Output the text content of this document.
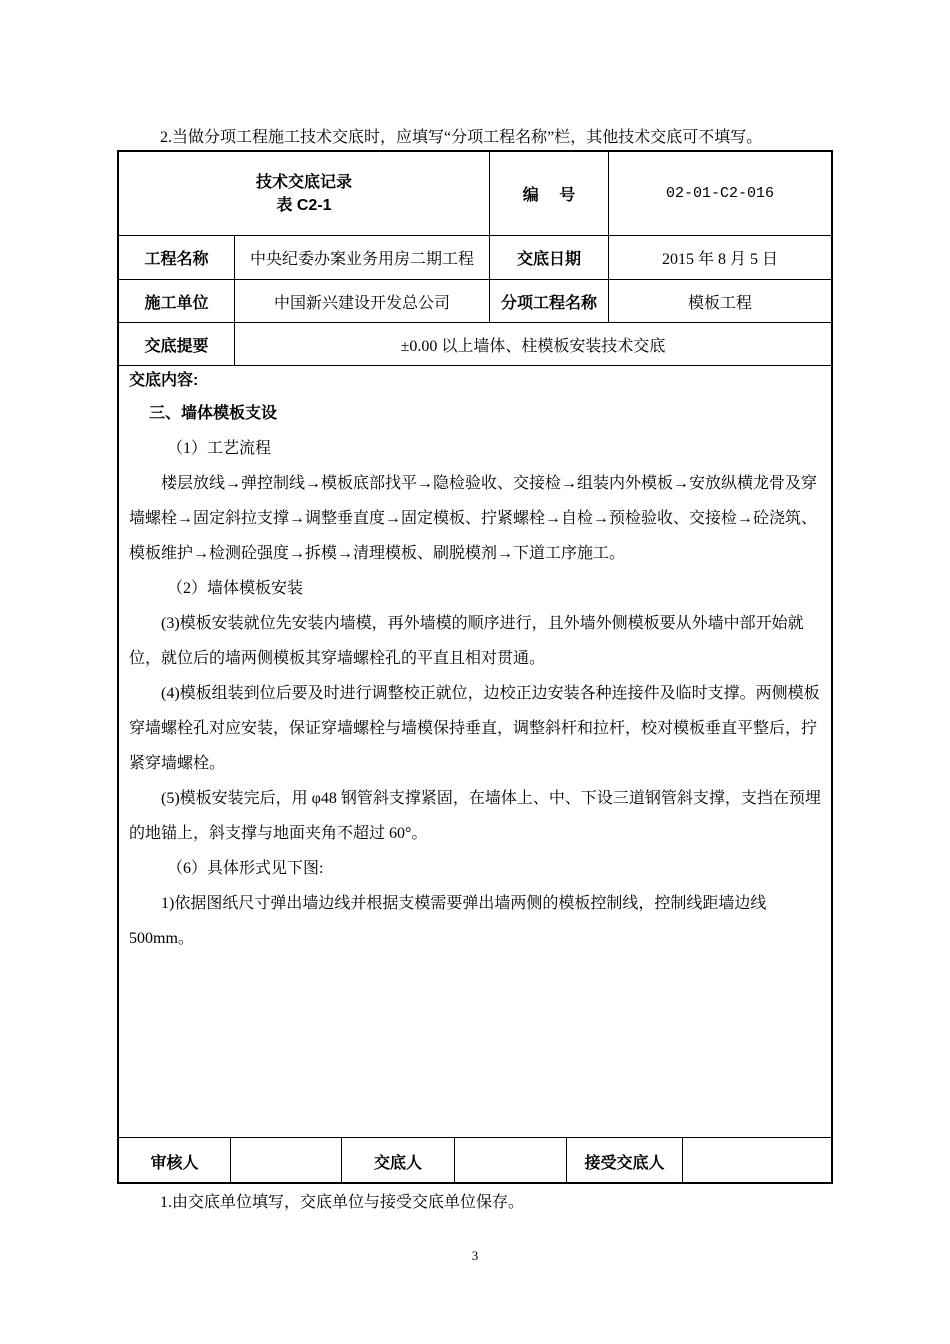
2.当做分项工程施工技术交底时，应填写“分项工程名称”栏，其他技术交底可不填写。
技术交底记录
表 C2-1
编 号	02-01-C2-016
工程名称	中央纪委办案业务用房二期工程	交底日期	2015 年 8 月 5 日
施工单位	中国新兴建设开发总公司	分项工程名称	模板工程
交底提要	±0.00 以上墙体、柱模板安装技术交底

交底内容:

三、墙体模板支设

（1）工艺流程

楼层放线→弹控制线→模板底部找平→隐检验收、交接检→组装内外模板→安放纵横龙骨及穿墙螺栓→固定斜拉支撑→调整垂直度→固定模板、拧紧螺栓→自检→预检验收、交接检→砼浇筑、模板维护→检测砼强度→拆模→清理模板、刷脱模剂→下道工序施工。

（2）墙体模板安装

(3)模板安装就位先安装内墙模，再外墙模的顺序进行，且外墙外侧模板要从外墙中部开始就位，就位后的墙两侧模板其穿墙螺栓孔的平直且相对贯通。

(4)模板组装到位后要及时进行调整校正就位，边校正边安装各种连接件及临时支撑。两侧模板穿墙螺栓孔对应安装，保证穿墙螺栓与墙模保持垂直，调整斜杆和拉杆，校对模板垂直平整后，拧紧穿墙螺栓。

(5)模板安装完后，用 φ48 钢管斜支撑紧固，在墙体上、中、下设三道钢管斜支撑，支挡在预埋的地锚上，斜支撑与地面夹角不超过 60°。

（6）具体形式见下图:

1)依据图纸尺寸弹出墙边线并根据支模需要弹出墙两侧的模板控制线，控制线距墙边线500mm。

审核人	交底人	接受交底人
1.由交底单位填写，交底单位与接受交底单位保存。
3
